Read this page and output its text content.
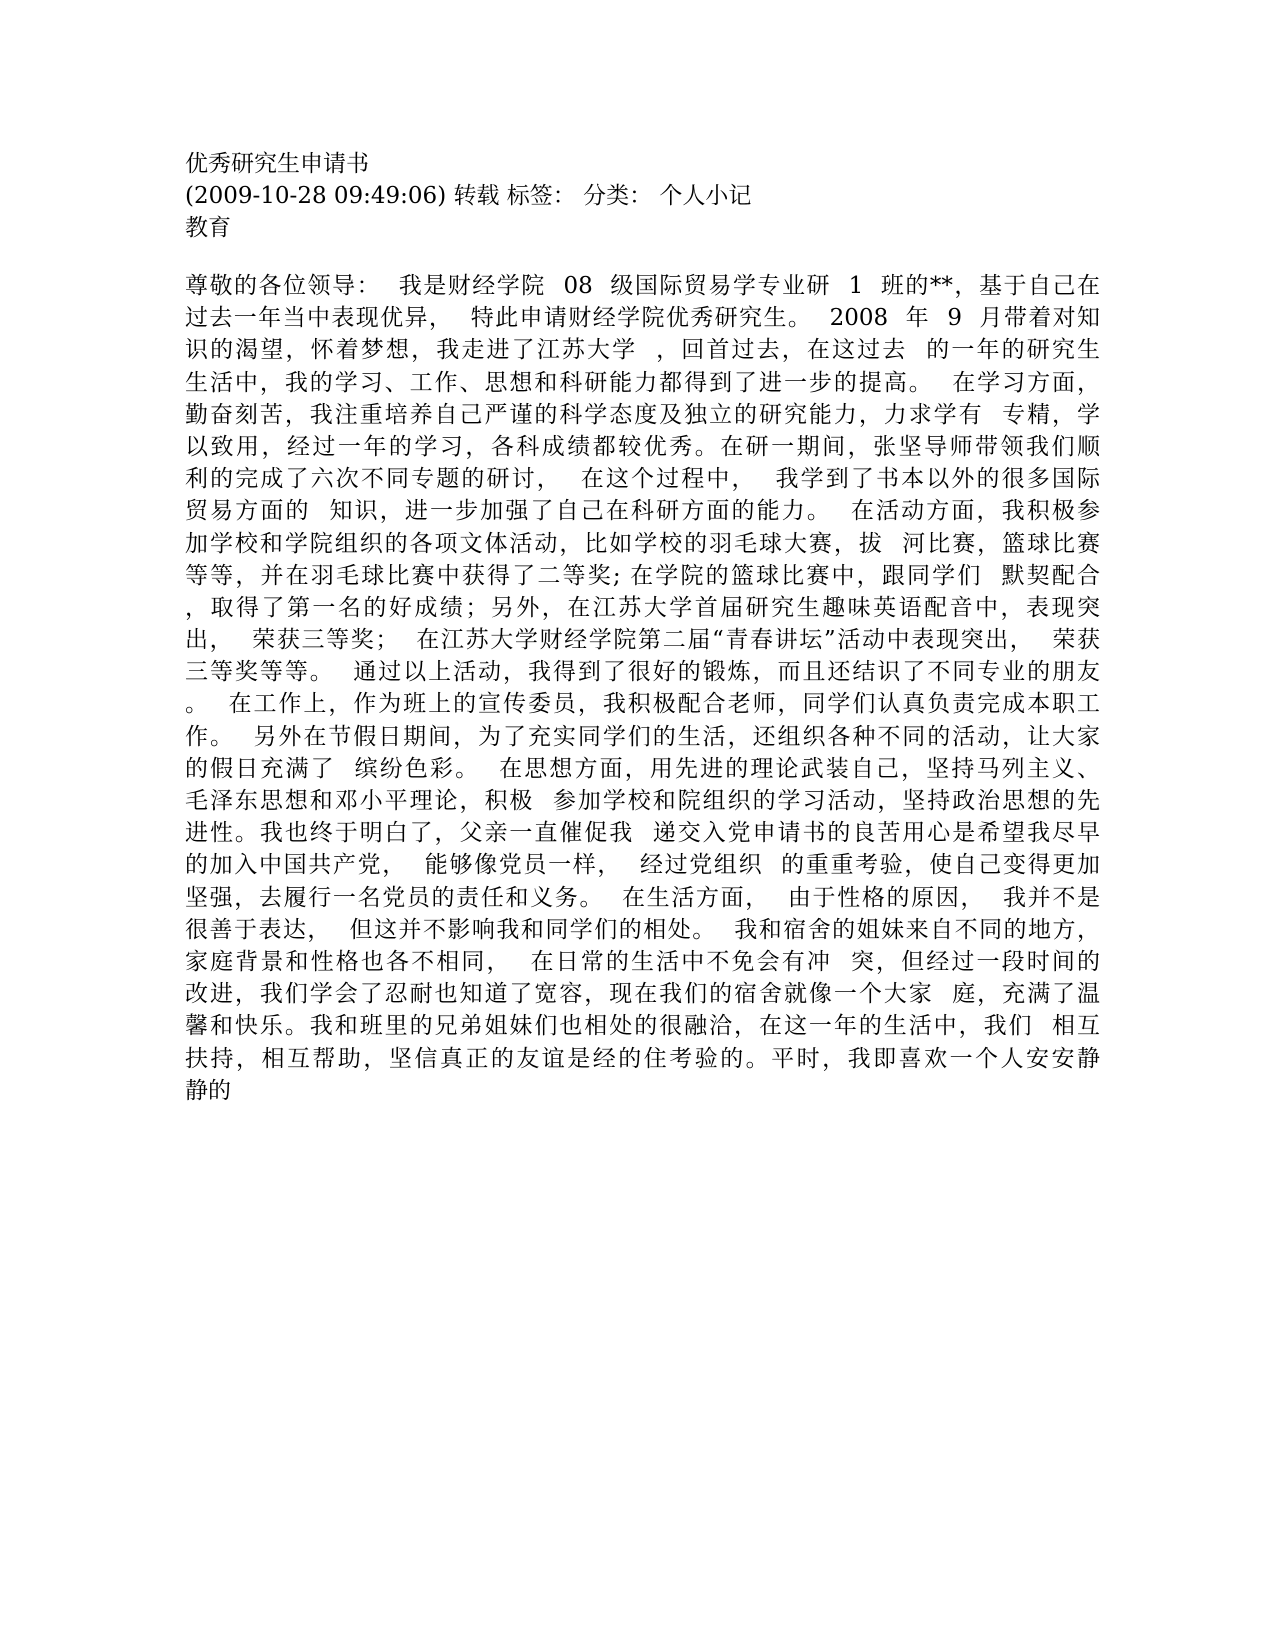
优秀研究生申请书
(2009-10-28 09:49:06) 转载 标签： 分类： 个人小记
教育
尊敬的各位领导：  我是财经学院  08  级国际贸易学专业研  1  班的**，基于自己在
过去一年当中表现优异，  特此申请财经学院优秀研究生。  2008  年  9  月带着对知
识的渴望，怀着梦想，我走进了江苏大学  ，回首过去，在这过去  的一年的研究生
生活中，我的学习、工作、思想和科研能力都得到了进一步的提高。  在学习方面，
勤奋刻苦，我注重培养自己严谨的科学态度及独立的研究能力，力求学有  专精，学
以致用，经过一年的学习，各科成绩都较优秀。在研一期间，张坚导师带领我们顺
利的完成了六次不同专题的研讨，  在这个过程中，  我学到了书本以外的很多国际
贸易方面的  知识，进一步加强了自己在科研方面的能力。  在活动方面，我积极参
加学校和学院组织的各项文体活动，比如学校的羽毛球大赛，拔  河比赛，篮球比赛
等等，并在羽毛球比赛中获得了二等奖; 在学院的篮球比赛中，跟同学们  默契配合
，取得了第一名的好成绩；另外，在江苏大学首届研究生趣味英语配音中，表现突
出，  荣获三等奖；  在江苏大学财经学院第二届“青春讲坛”活动中表现突出，  荣获
三等奖等等。  通过以上活动，我得到了很好的锻炼，而且还结识了不同专业的朋友
。  在工作上，作为班上的宣传委员，我积极配合老师，同学们认真负责完成本职工
作。  另外在节假日期间，为了充实同学们的生活，还组织各种不同的活动，让大家
的假日充满了  缤纷色彩。  在思想方面，用先进的理论武装自己，坚持马列主义、
毛泽东思想和邓小平理论，积极  参加学校和院组织的学习活动，坚持政治思想的先
进性。我也终于明白了，父亲一直催促我  递交入党申请书的良苦用心是希望我尽早
的加入中国共产党，  能够像党员一样，  经过党组织  的重重考验，使自己变得更加
坚强，去履行一名党员的责任和义务。  在生活方面，  由于性格的原因，  我并不是
很善于表达，  但这并不影响我和同学们的相处。  我和宿舍的姐妹来自不同的地方，
家庭背景和性格也各不相同，  在日常的生活中不免会有冲  突，但经过一段时间的
改进，我们学会了忍耐也知道了宽容，现在我们的宿舍就像一个大家  庭，充满了温
馨和快乐。我和班里的兄弟姐妹们也相处的很融洽，在这一年的生活中，我们  相互
扶持，相互帮助，坚信真正的友谊是经的住考验的。平时，我即喜欢一个人安安静
静的
